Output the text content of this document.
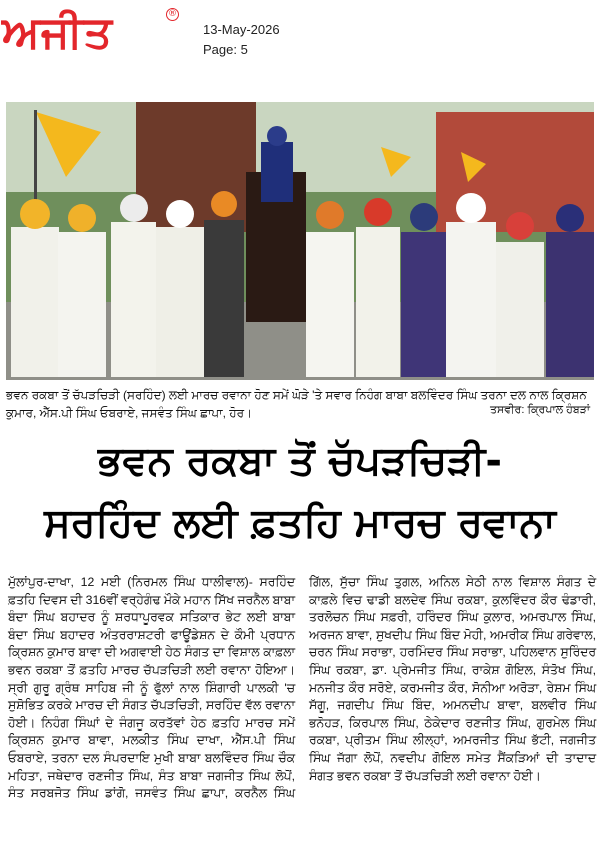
ਅਜੀਤ	®
13-May-2026
Page: 5
ਭਵਨ ਰਕਬਾ ਤੋਂ ਚੱਪੜਚਿੜੀ (ਸਰਹਿੰਦ) ਲਈ ਮਾਰਚ ਰਵਾਨਾ ਹੋਣ ਸਮੇਂ ਘੋੜੇ 'ਤੇ ਸਵਾਰ ਨਿਹੰਗ ਬਾਬਾ ਬਲਵਿੰਦਰ ਸਿੰਘ ਤਰਨਾ ਦਲ ਨਾਲ ਕ੍ਰਿਸ਼ਨ ਕੁਮਾਰ, ਐੱਸ.ਪੀ ਸਿੰਘ ਓਬਰਾਏ, ਜਸਵੰਤ ਸਿੰਘ ਛਾਪਾ, ਹੋਰ।	ਤਸਵੀਰ: ਕ੍ਰਿਪਾਲ ਹੰਬੜਾਂ
ਭਵਨ ਰਕਬਾ ਤੋਂ ਚੱਪੜਚਿੜੀ-
ਸਰਹਿੰਦ ਲਈ ਫ਼ਤਹਿ ਮਾਰਚ ਰਵਾਨਾ
ਮੁੱਲਾਂਪੁਰ-ਦਾਖਾ, 12 ਮਈ (ਨਿਰਮਲ ਸਿੰਘ ਧਾਲੀਵਾਲ)- ਸਰਹਿੰਦ ਫ਼ਤਹਿ ਦਿਵਸ ਦੀ 316ਵੀਂ ਵਰ੍ਹੇਗੰਢ ਮੌਕੇ ਮਹਾਨ ਸਿੱਖ ਜਰਨੈਲ ਬਾਬਾ ਬੰਦਾ ਸਿੰਘ ਬਹਾਦਰ ਨੂੰ ਸ਼ਰਧਾਪੂਰਵਕ ਸਤਿਕਾਰ ਭੇਟ ਲਈ ਬਾਬਾ ਬੰਦਾ ਸਿੰਘ ਬਹਾਦਰ ਅੰਤਰਰਾਸ਼ਟਰੀ ਫਾਊਂਡੇਸ਼ਨ ਦੇ ਕੌਮੀ ਪ੍ਰਧਾਨ ਕ੍ਰਿਸ਼ਨ ਕੁਮਾਰ ਬਾਵਾ ਦੀ ਅਗਵਾਈ ਹੇਠ ਸੰਗਤ ਦਾ ਵਿਸ਼ਾਲ ਕਾਫ਼ਲਾ ਭਵਨ ਰਕਬਾ ਤੋਂ ਫ਼ਤਹਿ ਮਾਰਚ ਚੱਪੜਚਿੜੀ ਲਈ ਰਵਾਨਾ ਹੋਇਆ। ਸ੍ਰੀ ਗੁਰੂ ਗ੍ਰੰਥ ਸਾਹਿਬ ਜੀ ਨੂੰ ਫੁੱਲਾਂ ਨਾਲ ਸ਼ਿੰਗਾਰੀ ਪਾਲਕੀ 'ਚ ਸੁਸ਼ੋਭਿਤ ਕਰਕੇ ਮਾਰਚ ਦੀ ਸੰਗਤ ਚੱਪੜਚਿੜੀ, ਸਰਹਿੰਦ ਵੱਲ ਰਵਾਨਾ ਹੋਈ। ਨਿਹੰਗ ਸਿੰਘਾਂ ਦੇ ਜੰਗਜੂ ਕਰਤੱਵਾਂ ਹੇਠ ਫ਼ਤਹਿ ਮਾਰਚ ਸਮੇਂ ਕ੍ਰਿਸ਼ਨ ਕੁਮਾਰ ਬਾਵਾ, ਮਲਕੀਤ ਸਿੰਘ ਦਾਖਾ, ਐੱਸ.ਪੀ ਸਿੰਘ ਓਬਰਾਏ, ਤਰਨਾ ਦਲ ਸੰਪਰਦਾਇ ਮੁਖੀ ਬਾਬਾ ਬਲਵਿੰਦਰ ਸਿੰਘ ਚੌਕ ਮਹਿਤਾ, ਜਥੇਦਾਰ ਰਣਜੀਤ ਸਿੰਘ, ਸੰਤ ਬਾਬਾ ਜਗਜੀਤ ਸਿੰਘ ਲੋਪੋਂ, ਸੰਤ ਸਰਬਜੋਤ ਸਿੰਘ ਡਾਂਗੋ, ਜਸਵੰਤ ਸਿੰਘ ਛਾਪਾ, ਕਰਨੈਲ ਸਿੰਘ ਗਿੱਲ, ਸੁੱਚਾ ਸਿੰਘ ਤੁਗਲ, ਅਨਿਲ ਸੇਠੀ ਨਾਲ ਵਿਸ਼ਾਲ ਸੰਗਤ ਦੇ ਕਾਫ਼ਲੇ ਵਿਚ ਢਾਡੀ ਬਲਦੇਵ ਸਿੰਘ ਰਕਬਾ, ਕੁਲਵਿੰਦਰ ਕੌਰ ਢੰਡਾਰੀ, ਤਰਲੋਚਨ ਸਿੰਘ ਸਫ਼ਰੀ, ਹਰਿੰਦਰ ਸਿੰਘ ਕੁਲਾਰ, ਅਮਰਪਾਲ ਸਿੰਘ, ਅਰਜਨ ਬਾਵਾ, ਸੁਖਦੀਪ ਸਿੰਘ ਬਿੰਦ ਮੋਹੀ, ਅਮਰੀਕ ਸਿੰਘ ਗਰੇਵਾਲ, ਚਰਨ ਸਿੰਘ ਸਰਾਭਾ, ਹਰਮਿੰਦਰ ਸਿੰਘ ਸਰਾਭਾ, ਪਹਿਲਵਾਨ ਸੁਰਿੰਦਰ ਸਿੰਘ ਰਕਬਾ, ਡਾ. ਪ੍ਰੇਮਜੀਤ ਸਿੰਘ, ਰਾਕੇਸ਼ ਗੋਇਲ, ਸੰਤੋਖ ਸਿੰਘ, ਮਨਜੀਤ ਕੌਰ ਸਰੋਏ, ਕਰਮਜੀਤ ਕੌਰ, ਸੋਨੀਆ ਅਰੋੜਾ, ਰੇਸ਼ਮ ਸਿੰਘ ਸੱਗੂ, ਜਗਦੀਪ ਸਿੰਘ ਬਿੰਦ, ਅਮਨਦੀਪ ਬਾਵਾ, ਬਲਵੀਰ ਸਿੰਘ ਭਨੋਹੜ, ਕਿਰਪਾਲ ਸਿੰਘ, ਠੇਕੇਦਾਰ ਰਣਜੀਤ ਸਿੰਘ, ਗੁਰਮੇਲ ਸਿੰਘ ਰਕਬਾ, ਪ੍ਰੀਤਮ ਸਿੰਘ ਲੀਲ੍ਹਾਂ, ਅਮਰਜੀਤ ਸਿੰਘ ਭੱਟੀ, ਜਗਜੀਤ ਸਿੰਘ ਜੱਗਾ ਲੋਪੋਂ, ਨਵਦੀਪ ਗੋਇਲ ਸਮੇਤ ਸੈਂਕੜਿਆਂ ਦੀ ਤਾਦਾਦ ਸੰਗਤ ਭਵਨ ਰਕਬਾ ਤੋਂ ਚੱਪੜਚਿੜੀ ਲਈ ਰਵਾਨਾ ਹੋਈ।
